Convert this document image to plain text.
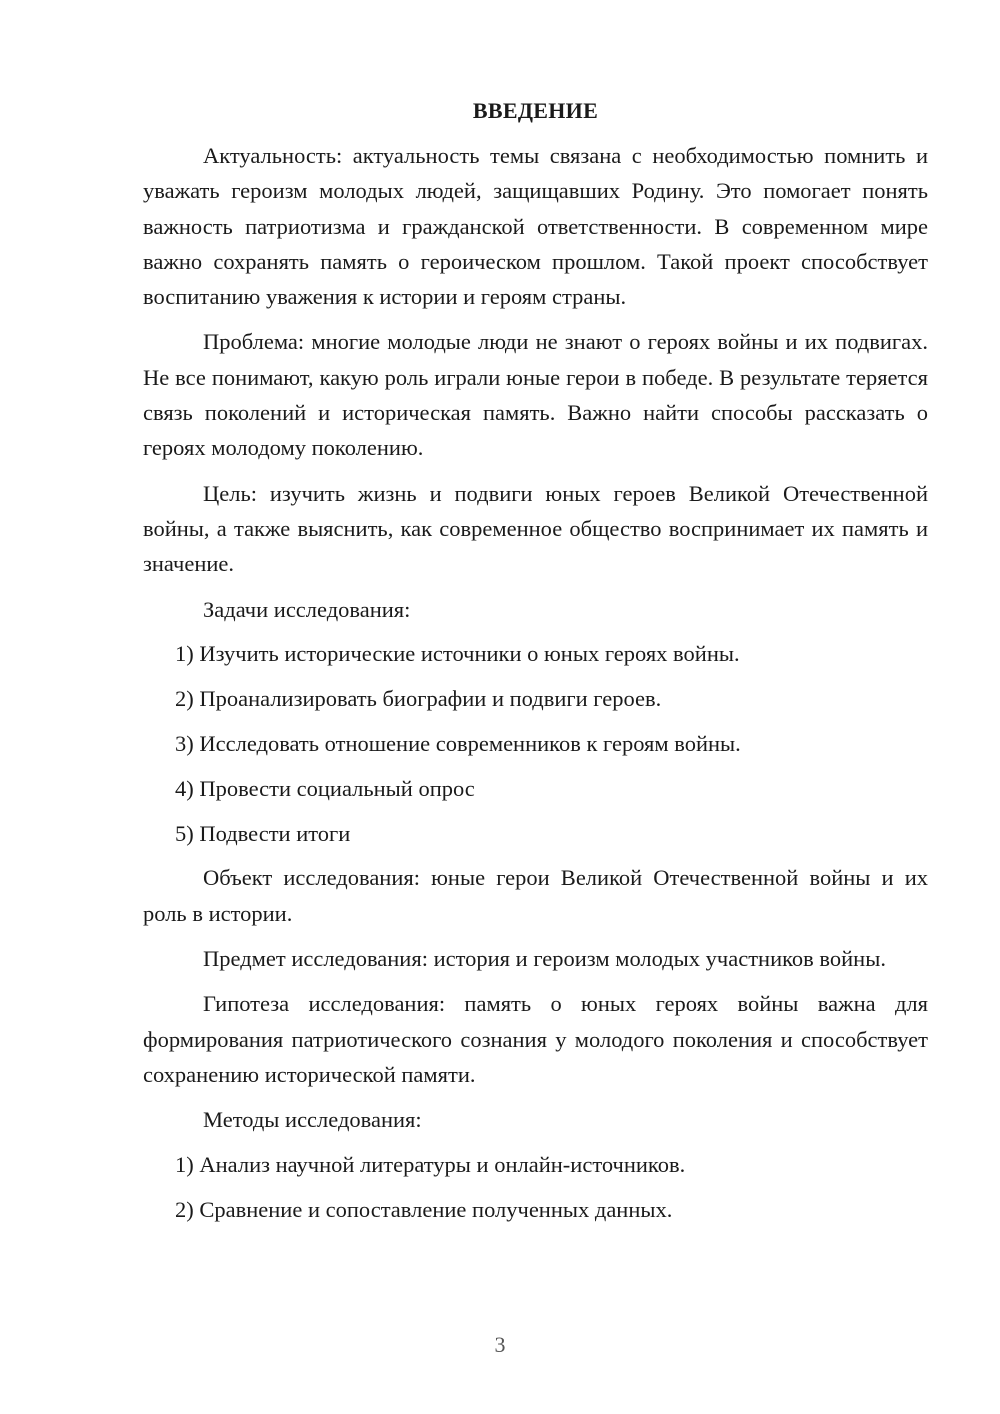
ВВЕДЕНИЕ

Актуальность: актуальность темы связана с необходимостью помнить и уважать героизм молодых людей, защищавших Родину. Это помогает понять важность патриотизма и гражданской ответственности. В современном мире важно сохранять память о героическом прошлом. Такой проект способствует воспитанию уважения к истории и героям страны.

Проблема: многие молодые люди не знают о героях войны и их подвигах. Не все понимают, какую роль играли юные герои в победе. В результате теряется связь поколений и историческая память. Важно найти способы рассказать о героях молодому поколению.

Цель: изучить жизнь и подвиги юных героев Великой Отечественной войны, а также выяснить, как современное общество воспринимает их память и значение.

Задачи исследования:
1) Изучить исторические источники о юных героях войны.
2) Проанализировать биографии и подвиги героев.
3) Исследовать отношение современников к героям войны.
4) Провести социальный опрос
5) Подвести итоги

Объект исследования: юные герои Великой Отечественной войны и их роль в истории.

Предмет исследования: история и героизм молодых участников войны.

Гипотеза исследования: память о юных героях войны важна для формирования патриотического сознания у молодого поколения и способствует сохранению исторической памяти.

Методы исследования:
1) Анализ научной литературы и онлайн-источников.
2) Сравнение и сопоставление полученных данных.
3
